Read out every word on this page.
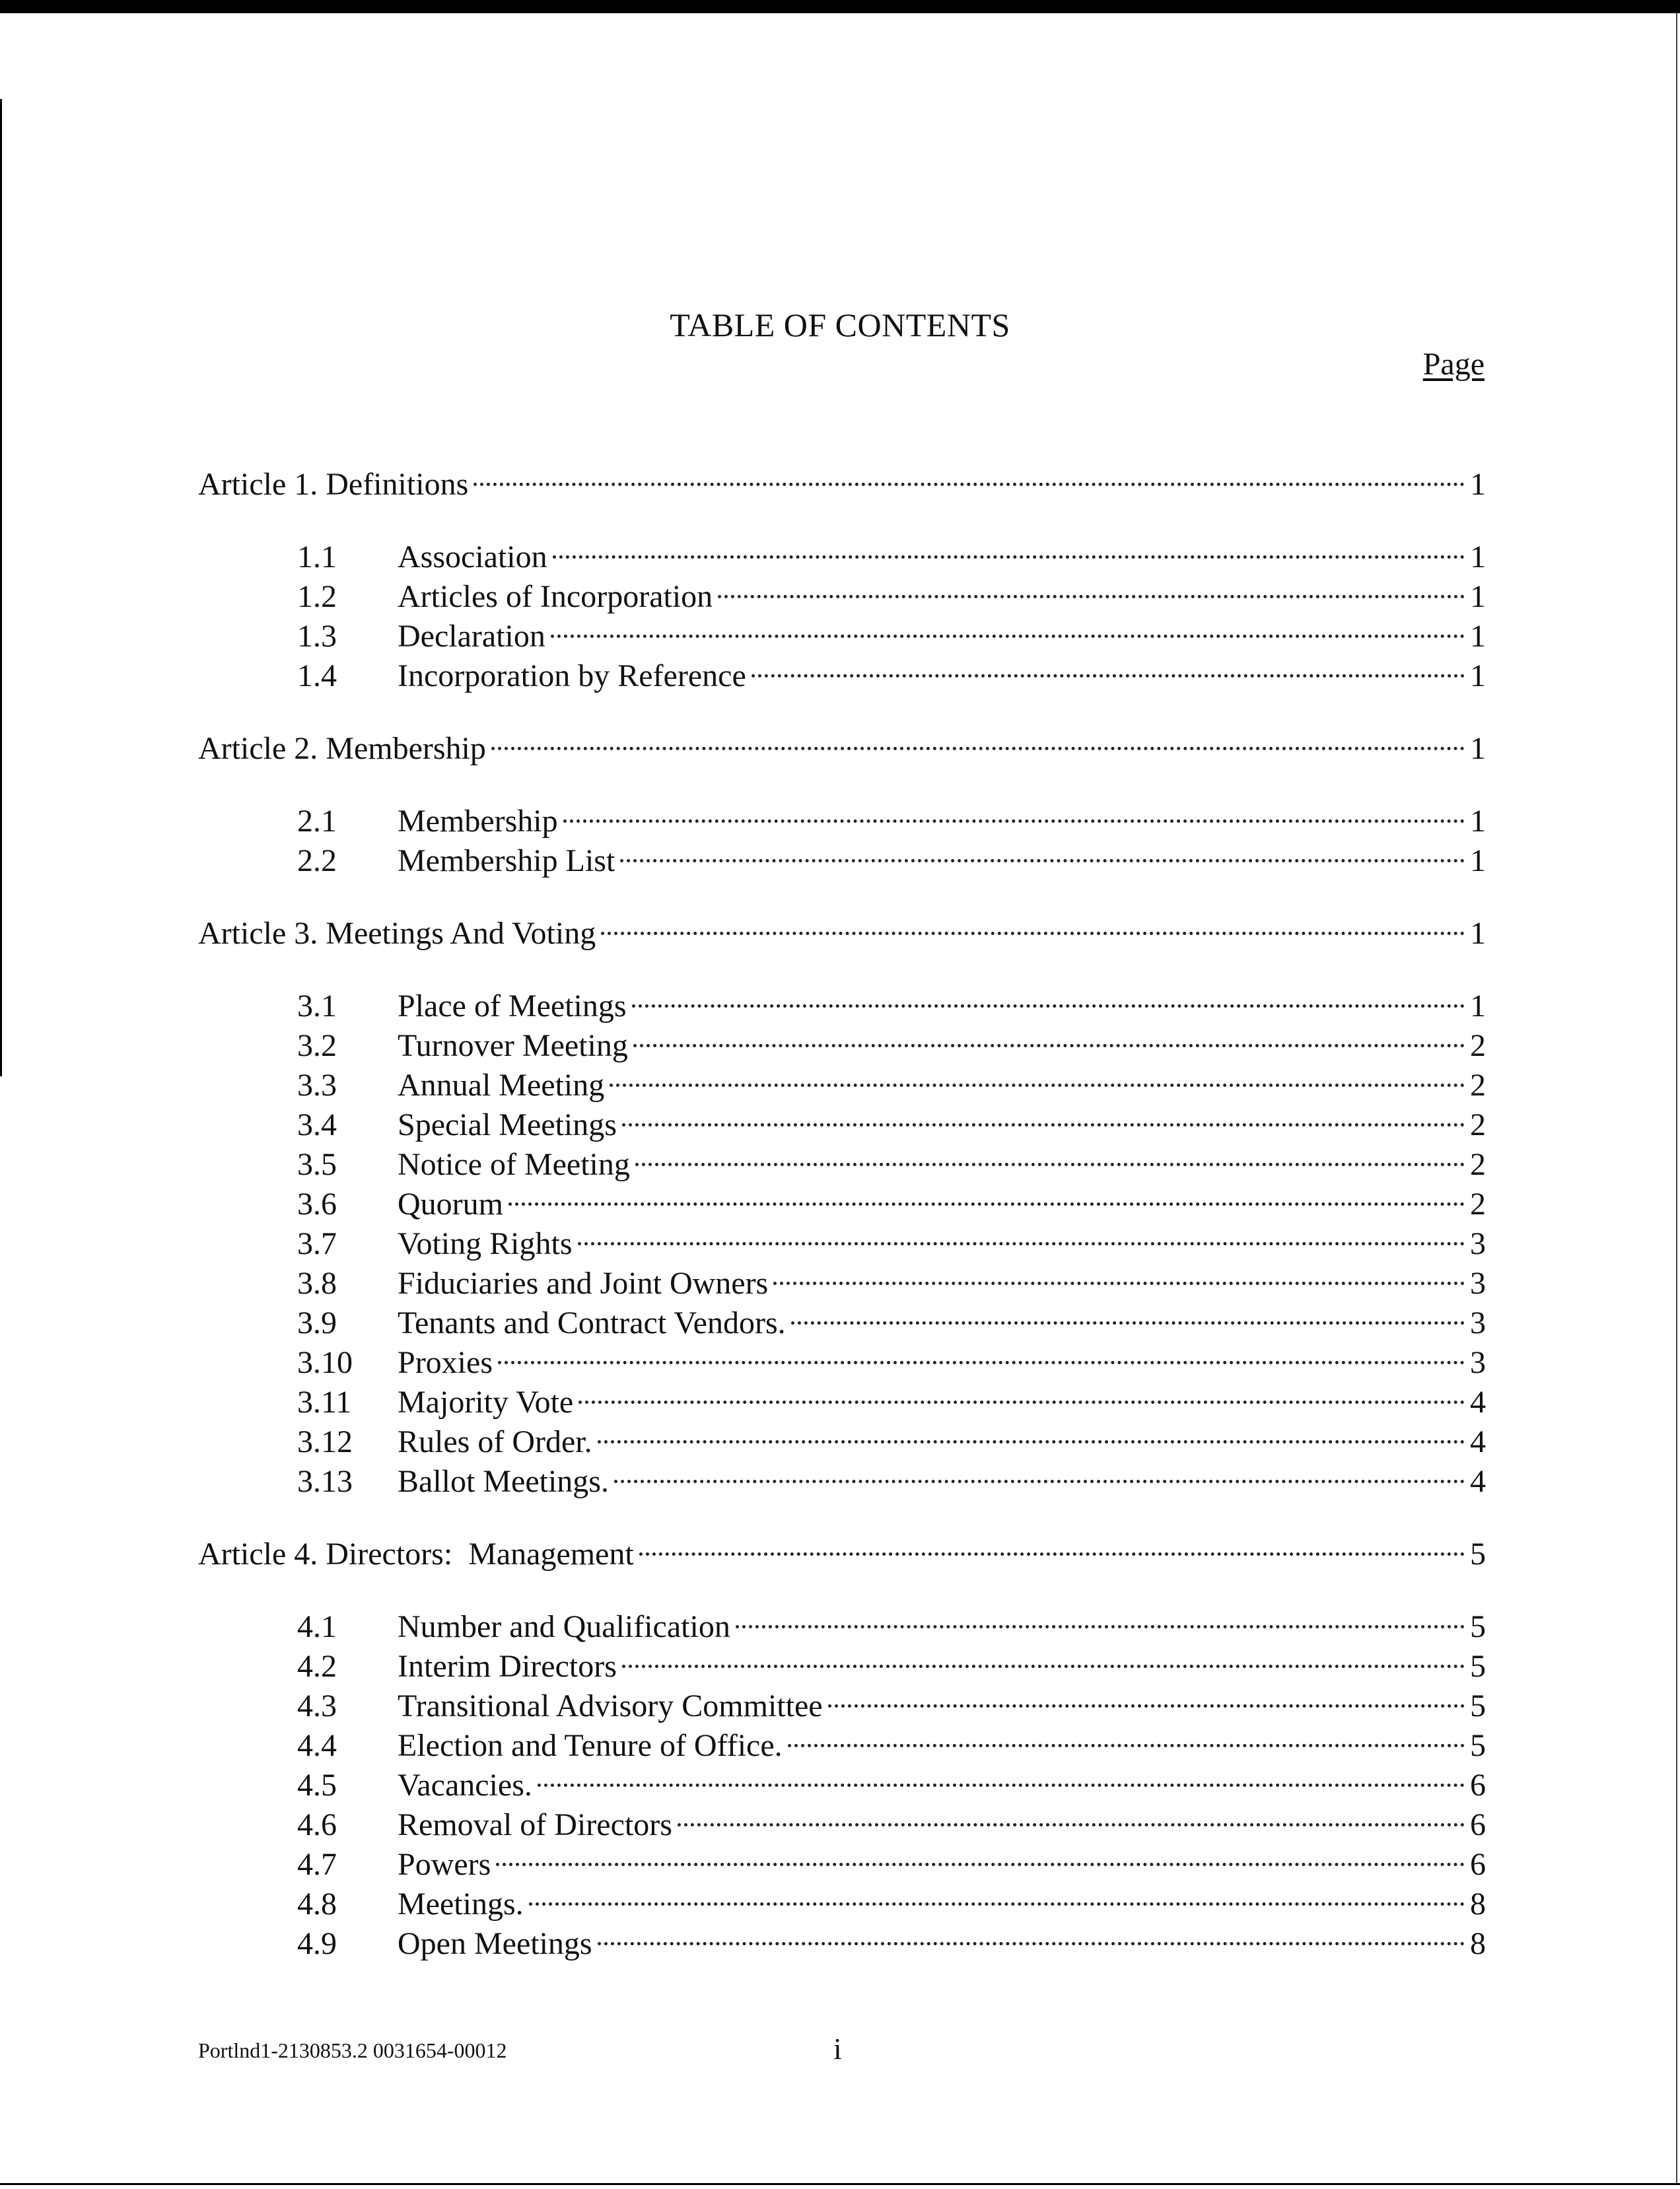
TABLE OF CONTENTS
Page
Article 1. Definitions	1
1.1	Association	1
1.2	Articles of Incorporation	1
1.3	Declaration	1
1.4	Incorporation by Reference	1
Article 2. Membership	1
2.1	Membership	1
2.2	Membership List	1
Article 3. Meetings And Voting	1
3.1	Place of Meetings	1
3.2	Turnover Meeting	2
3.3	Annual Meeting	2
3.4	Special Meetings	2
3.5	Notice of Meeting	2
3.6	Quorum	2
3.7	Voting Rights	3
3.8	Fiduciaries and Joint Owners	3
3.9	Tenants and Contract Vendors.	3
3.10	Proxies	3
3.11	Majority Vote	4
3.12	Rules of Order.	4
3.13	Ballot Meetings.	4
Article 4. Directors:  Management	5
4.1	Number and Qualification	5
4.2	Interim Directors	5
4.3	Transitional Advisory Committee	5
4.4	Election and Tenure of Office.	5
4.5	Vacancies.	6
4.6	Removal of Directors	6
4.7	Powers	6
4.8	Meetings.	8
4.9	Open Meetings	8
Portlnd1-2130853.2 0031654-00012	i
